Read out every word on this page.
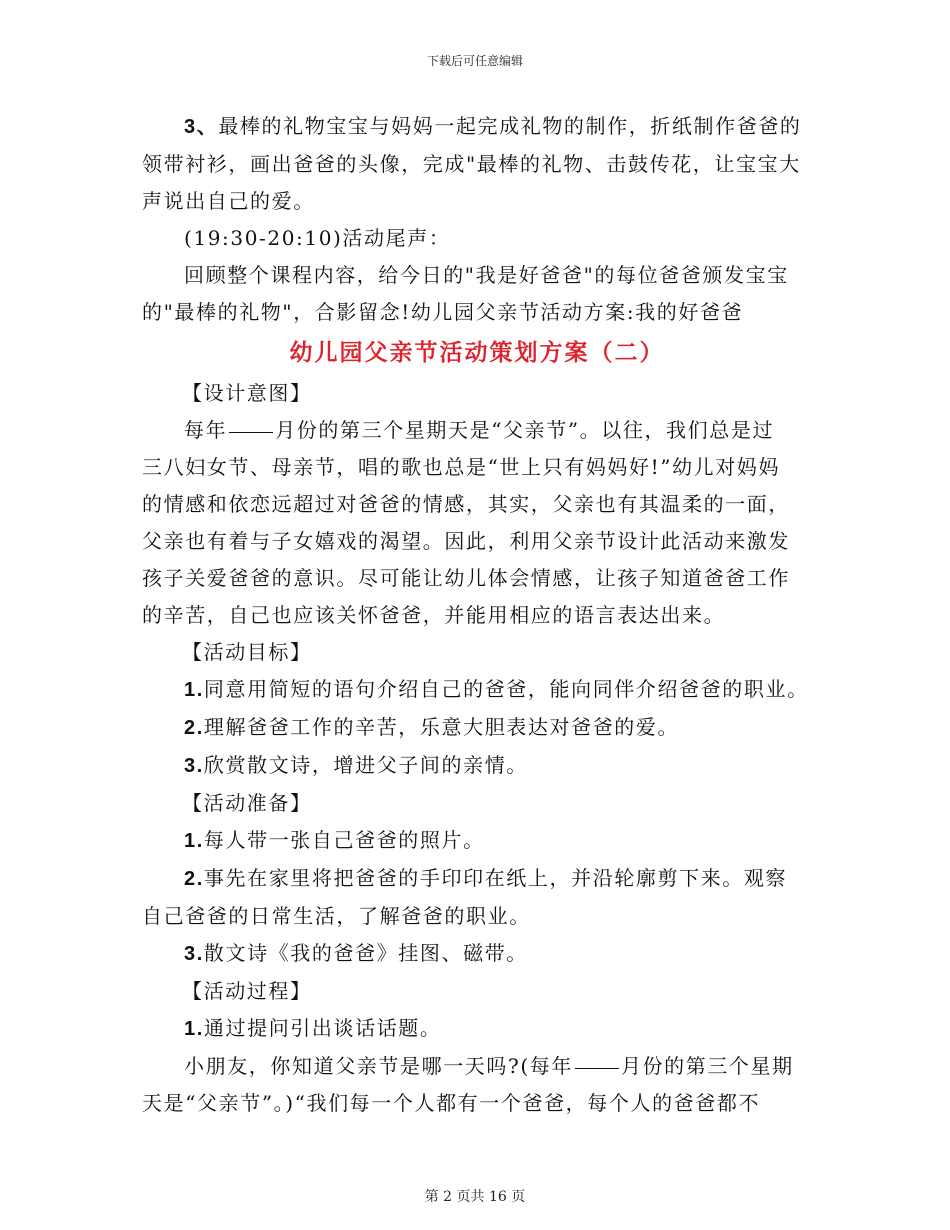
下载后可任意编辑

3、最棒的礼物宝宝与妈妈一起完成礼物的制作，折纸制作爸爸的

领带衬衫，画出爸爸的头像，完成"最棒的礼物、击鼓传花，让宝宝大

声说出自己的爱。

(19:30-20:10)活动尾声：

回顾整个课程内容，给今日的"我是好爸爸"的每位爸爸颁发宝宝

的"最棒的礼物"，合影留念!幼儿园父亲节活动方案:我的好爸爸

幼儿园父亲节活动策划方案（二）

【设计意图】

每年 月份的第三个星期天是“父亲节”。以往，我们总是过

三八妇女节、母亲节，唱的歌也总是“世上只有妈妈好!”幼儿对妈妈

的情感和依恋远超过对爸爸的情感，其实，父亲也有其温柔的一面，

父亲也有着与子女嬉戏的渴望。因此，利用父亲节设计此活动来激发

孩子关爱爸爸的意识。尽可能让幼儿体会情感，让孩子知道爸爸工作

的辛苦，自己也应该关怀爸爸，并能用相应的语言表达出来。

【活动目标】

1.同意用简短的语句介绍自己的爸爸，能向同伴介绍爸爸的职业。

2.理解爸爸工作的辛苦，乐意大胆表达对爸爸的爱。

3.欣赏散文诗，增进父子间的亲情。

【活动准备】

1.每人带一张自己爸爸的照片。

2.事先在家里将把爸爸的手印印在纸上，并沿轮廓剪下来。观察

自己爸爸的日常生活，了解爸爸的职业。

3.散文诗《我的爸爸》挂图、磁带。

【活动过程】

1.通过提问引出谈话话题。

小朋友，你知道父亲节是哪一天吗?(每年 月份的第三个星期

天是“父亲节”。)“我们每一个人都有一个爸爸，每个人的爸爸都不

第 2 页共 16 页
